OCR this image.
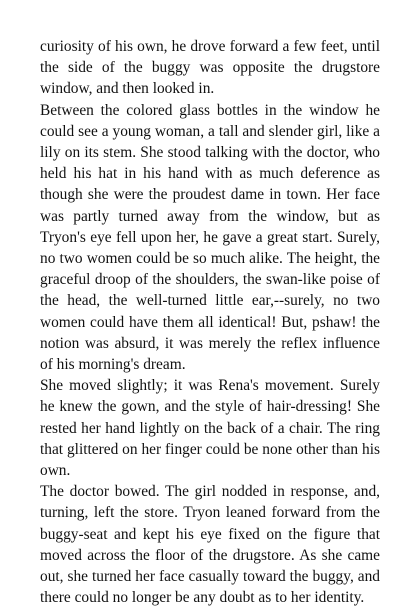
curiosity of his own, he drove forward a few feet, until the side of the buggy was opposite the drugstore window, and then looked in.

Between the colored glass bottles in the window he could see a young woman, a tall and slender girl, like a lily on its stem. She stood talking with the doctor, who held his hat in his hand with as much deference as though she were the proudest dame in town. Her face was partly turned away from the window, but as Tryon's eye fell upon her, he gave a great start. Surely, no two women could be so much alike. The height, the graceful droop of the shoulders, the swan-like poise of the head, the well-turned little ear,--surely, no two women could have them all identical! But, pshaw! the notion was absurd, it was merely the reflex influence of his morning's dream.

She moved slightly; it was Rena's movement. Surely he knew the gown, and the style of hair-dressing! She rested her hand lightly on the back of a chair. The ring that glittered on her finger could be none other than his own.

The doctor bowed. The girl nodded in response, and, turning, left the store. Tryon leaned forward from the buggy-seat and kept his eye fixed on the figure that moved across the floor of the drugstore. As she came out, she turned her face casually toward the buggy, and there could no longer be any doubt as to her identity.
